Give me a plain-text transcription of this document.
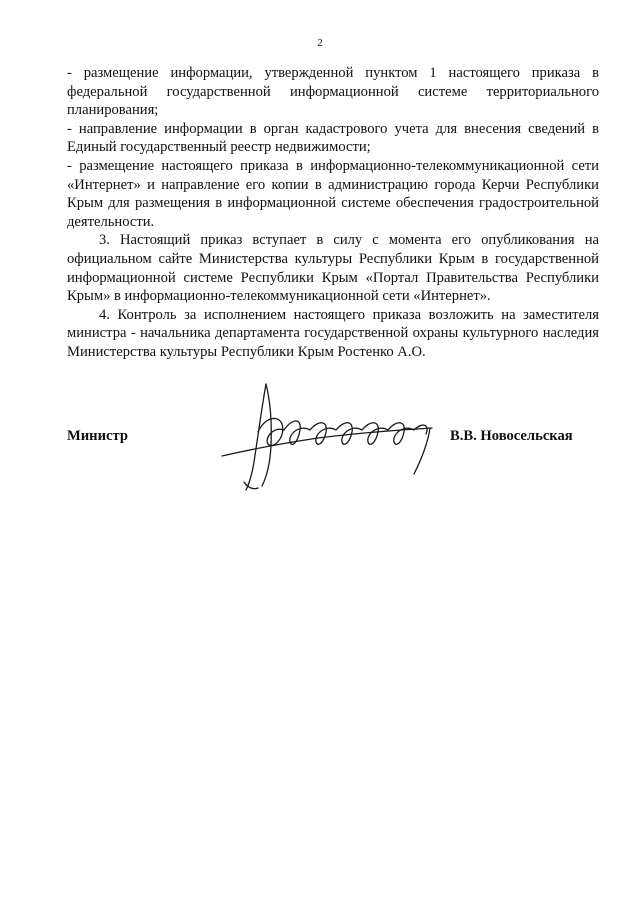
2

- размещение информации, утвержденной пунктом 1 настоящего приказа в федеральной государственной информационной системе территориального планирования;

- направление информации в орган кадастрового учета для внесения сведений в Единый государственный реестр недвижимости;

- размещение настоящего приказа в информационно-телекоммуникационной сети «Интернет» и направление его копии в администрацию города Керчи Республики Крым для размещения в информационной системе обеспечения градостроительной деятельности.

3. Настоящий приказ вступает в силу с момента его опубликования на официальном сайте Министерства культуры Республики Крым в государственной информационной системе Республики Крым «Портал Правительства Республики Крым» в информационно-телекоммуникационной сети «Интернет».

4. Контроль за исполнением настоящего приказа возложить на заместителя министра - начальника департамента государственной охраны культурного наследия Министерства культуры Республики Крым Ростенко А.О.

Министр	В.В. Новосельская
